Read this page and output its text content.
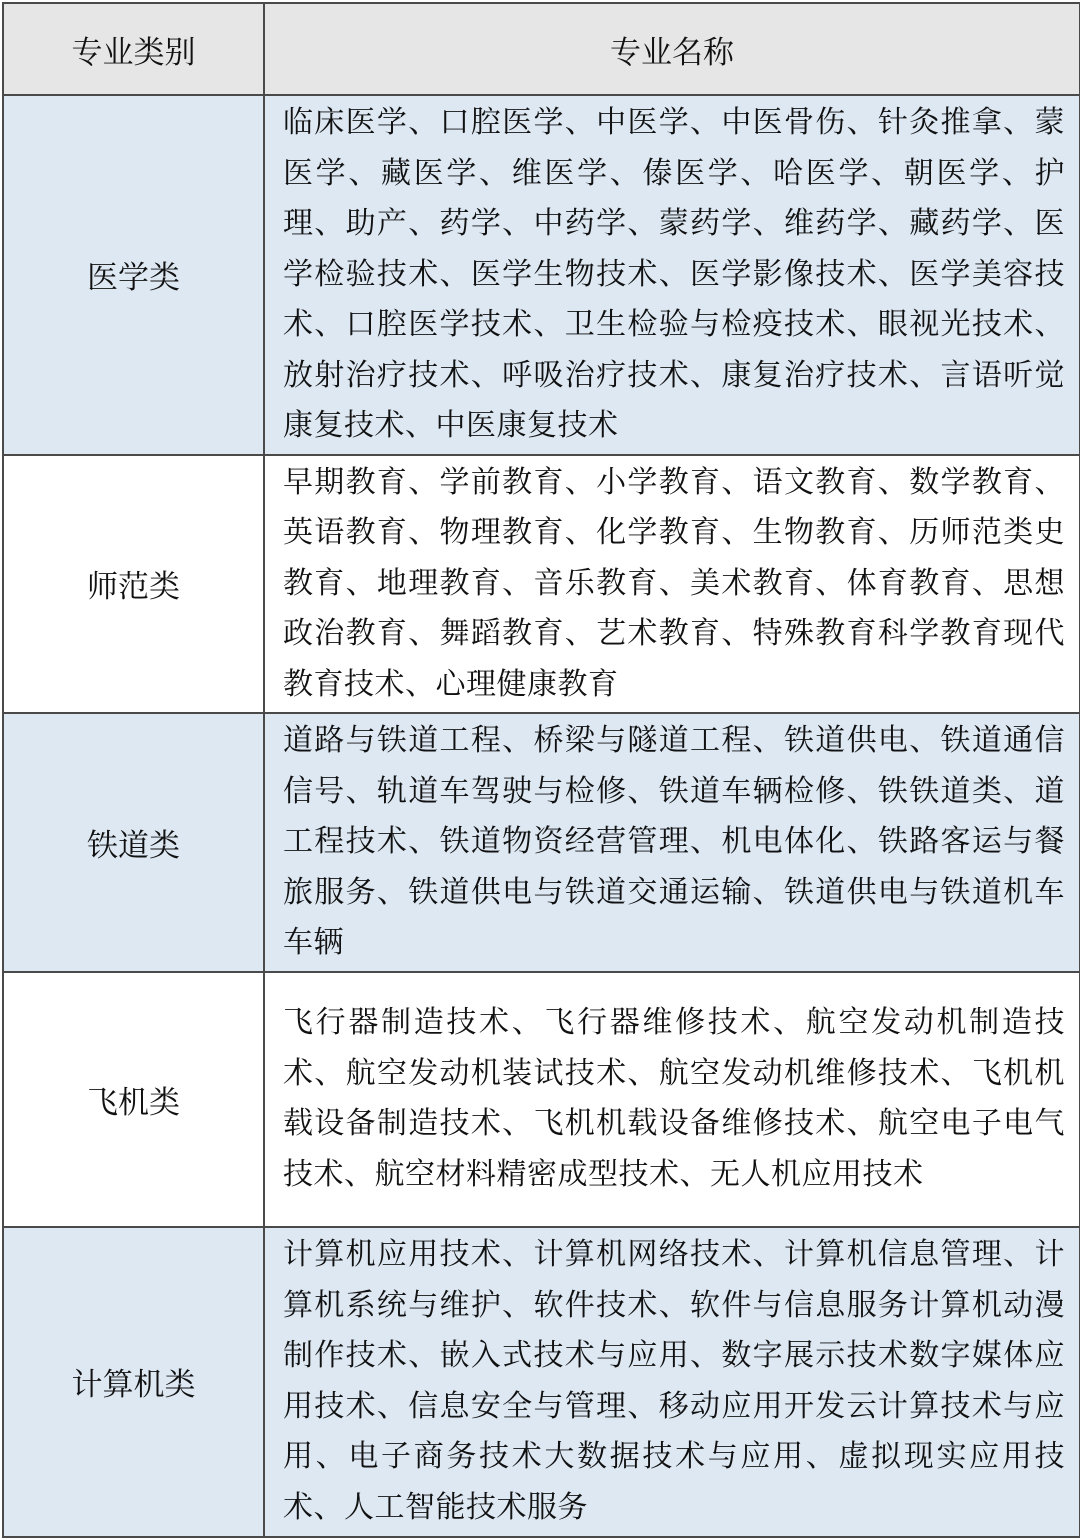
专业类别	专业名称
医学类	临床医学、口腔医学、中医学、中医骨伤、针灸推拿、蒙医学、藏医学、维医学、傣医学、哈医学、朝医学、护理、助产、药学、中药学、蒙药学、维药学、藏药学、医学检验技术、医学生物技术、医学影像技术、医学美容技术、口腔医学技术、卫生检验与检疫技术、眼视光技术、放射治疗技术、呼吸治疗技术、康复治疗技术、言语听觉康复技术、中医康复技术
师范类	早期教育、学前教育、小学教育、语文教育、数学教育、英语教育、物理教育、化学教育、生物教育、历师范类史教育、地理教育、音乐教育、美术教育、体育教育、思想政治教育、舞蹈教育、艺术教育、特殊教育科学教育现代教育技术、心理健康教育
铁道类	道路与铁道工程、桥梁与隧道工程、铁道供电、铁道通信信号、轨道车驾驶与检修、铁道车辆检修、铁铁道类、道工程技术、铁道物资经营管理、机电体化、铁路客运与餐旅服务、铁道供电与铁道交通运输、铁道供电与铁道机车车辆
飞机类	飞行器制造技术、飞行器维修技术、航空发动机制造技术、航空发动机装试技术、航空发动机维修技术、飞机机载设备制造技术、飞机机载设备维修技术、航空电子电气技术、航空材料精密成型技术、无人机应用技术
计算机类	计算机应用技术、计算机网络技术、计算机信息管理、计算机系统与维护、软件技术、软件与信息服务计算机动漫制作技术、嵌入式技术与应用、数字展示技术数字媒体应用技术、信息安全与管理、移动应用开发云计算技术与应用、电子商务技术大数据技术与应用、虚拟现实应用技术、人工智能技术服务
